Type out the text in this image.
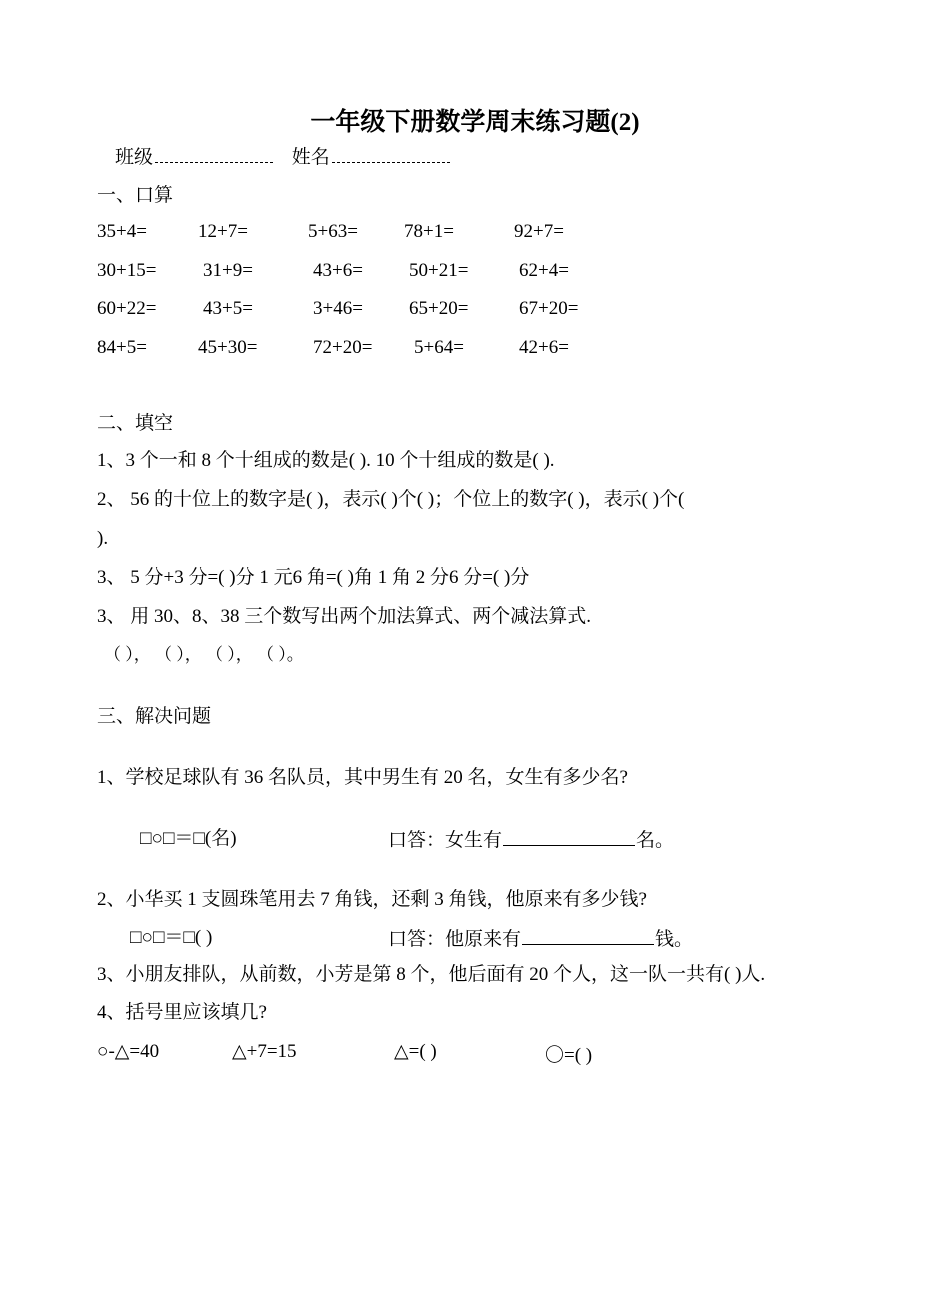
一年级下册数学周末练习题(2)
班级	姓名
一、口算
35+4=	12+7=	5+63= 78+1=	92+7=
30+15= 31+9=	43+6= 50+21=	62+4=
60+22= 43+5=	3+46= 65+20=	67+20=
84+5=	45+30=	72+20= 5+64=	42+6=
二、填空
1、3 个一和 8 个十组成的数是( ). 10 个十组成的数是( ).
2、 56 的十位上的数字是( )，表示( )个( )；个位上的数字( )，表示( )个(
).
3、 5 分+3 分=( )分 1 元6 角=( )角 1 角 2 分6 分=( )分
3、 用 30、8、38 三个数写出两个加法算式、两个减法算式.
（ ）， （ ）， （ ）， （ ）。
三、解决问题
1、学校足球队有 36 名队员，其中男生有 20 名，女生有多少名?
□○□＝□(名)	口答：女生有	名。
2、小华买 1 支圆珠笔用去 7 角钱，还剩 3 角钱，他原来有多少钱?
□○□＝□( )	口答：他原来有	钱。
3、小朋友排队，从前数，小芳是第 8 个，他后面有 20 个人，这一队一共有( )人.
4、括号里应该填几?
○-△=40	△+7=15	△=( )	〇=( )
